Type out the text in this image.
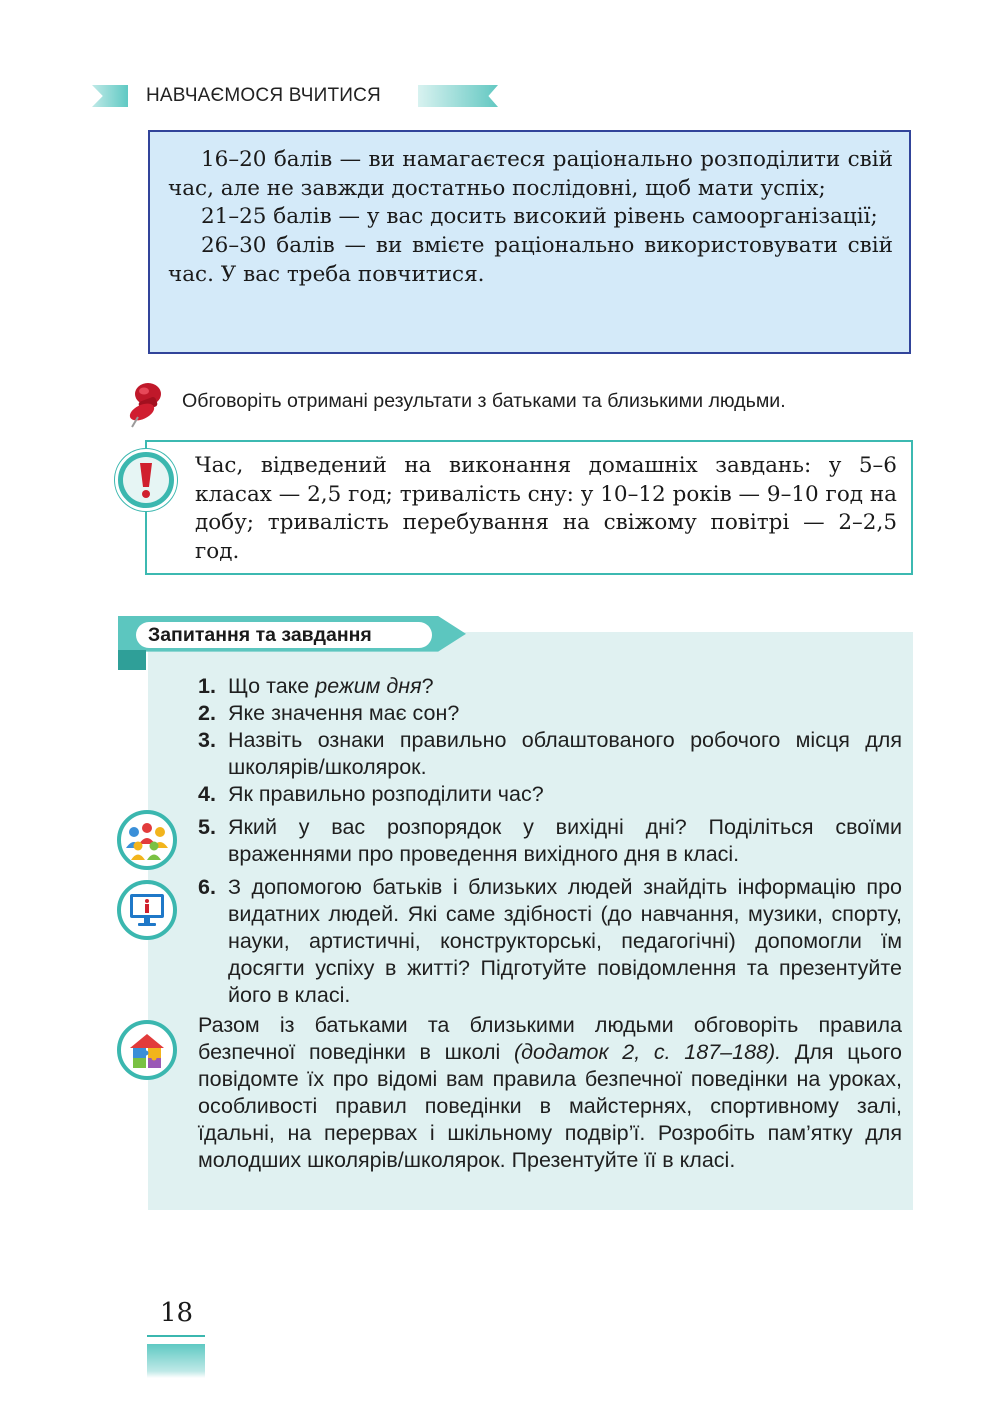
НАВЧАЄМОСЯ ВЧИТИСЯ

16–20 балів — ви намагаєтеся раціонально розподілити свій час, але не завжди достатньо послідовні, щоб мати успіх;

21–25 балів — у вас досить високий рівень самоорганізації;

26–30 балів — ви вмієте раціонально використовувати свій час. У вас треба повчитися.

Обговоріть отримані результати з батьками та близькими людьми.
Час, відведений на виконання домашніх завдань: у 5–6 класах — 2,5 год; тривалість сну: у 10–12 років — 9–10 год на добу; тривалість перебування на свіжому повітрі — 2–2,5 год.
Запитання та завдання
1. Що таке режим дня?
2. Яке значення має сон?
3. Назвіть ознаки правильно облаштованого робочого місця для школярів/школярок.
4. Як правильно розподілити час?
5. Який у вас розпорядок у вихідні дні? Поділіться своїми враженнями про проведення вихідного дня в класі.
6. З допомогою батьків і близьких людей знайдіть інформацію про видатних людей. Які саме здібності (до навчання, музики, спорту, науки, артистичні, конструкторські, педагогічні) допомогли їм досягти успіху в житті? Підготуйте повідомлення та презентуйте його в класі.
Разом із батьками та близькими людьми обговоріть правила безпечної поведінки в школі (додаток 2, с. 187–188). Для цього повідомте їх про відомі вам правила безпечної поведінки на уроках, особливості правил поведінки в майстернях, спортивному залі, їдальні, на перервах і шкільному подвір’ї. Розробіть пам’ятку для молодших школярів/школярок. Презентуйте її в класі.
18
